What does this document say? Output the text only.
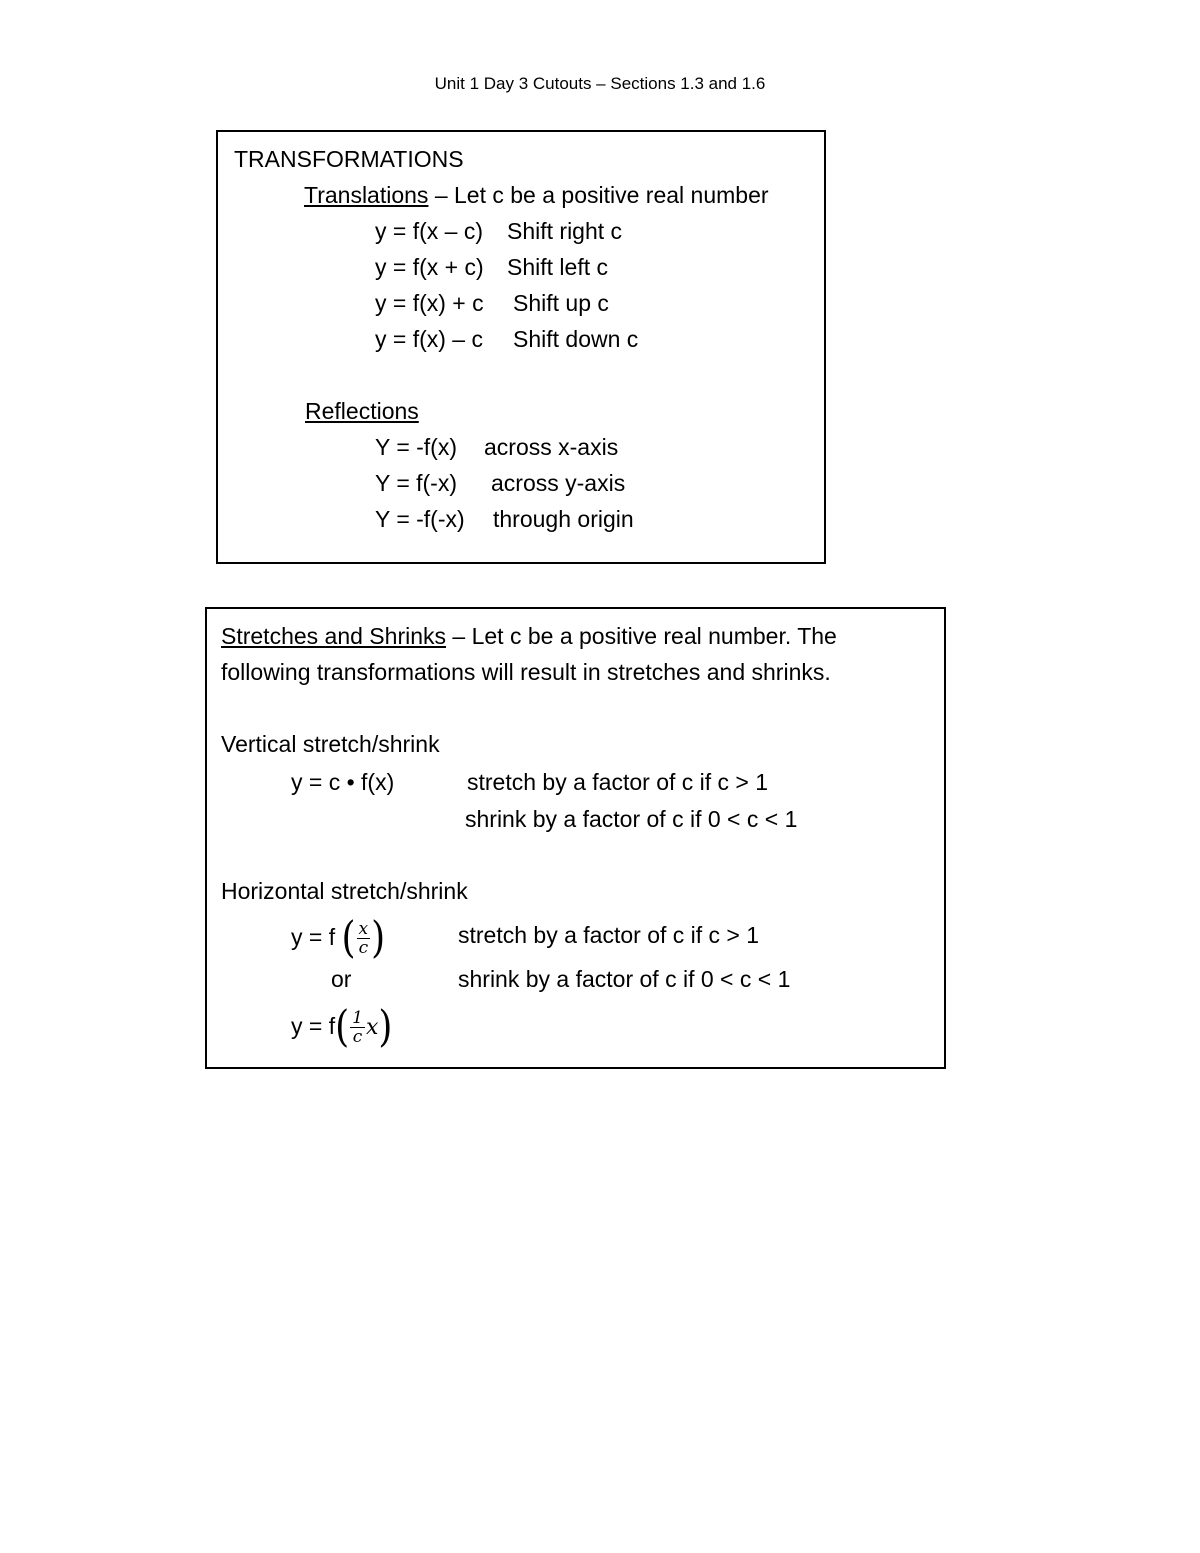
Unit 1 Day 3 Cutouts – Sections 1.3 and 1.6
TRANSFORMATIONS
Translations – Let c be a positive real number
y = f(x – c) Shift right c
y = f(x + c) Shift left c
y = f(x) + c Shift up c
y = f(x) – c Shift down c
Reflections
Y = -f(x) across x-axis
Y = f(-x) across y-axis
Y = -f(-x) through origin
Stretches and Shrinks – Let c be a positive real number. The
following transformations will result in stretches and shrinks.
Vertical stretch/shrink
y = c • f(x)	stretch by a factor of c if c > 1
shrink by a factor of c if 0 < c < 1
Horizontal stretch/shrink
y = f ( $\frac{x}{c}$ )	stretch by a factor of c if c > 1
or	shrink by a factor of c if 0 < c < 1
$y = f( \frac{1}{c} x)$
